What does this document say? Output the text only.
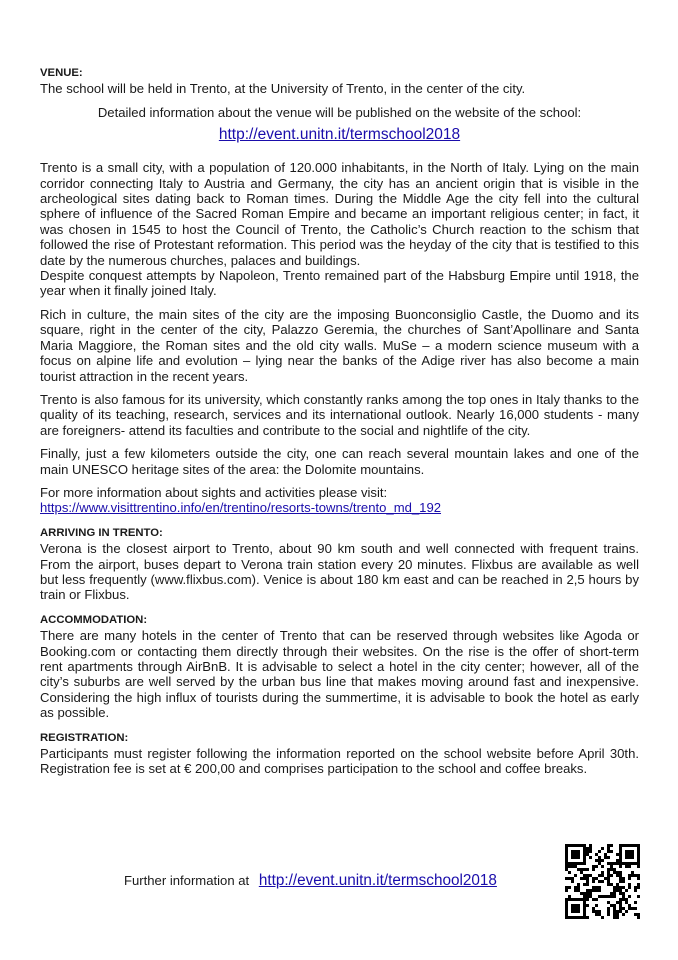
VENUE:

The school will be held in Trento, at the University of Trento, in the center of the city.

Detailed information about the venue will be published on the website of the school:

http://event.unitn.it/termschool2018

Trento is a small city, with a population of 120.000 inhabitants, in the North of Italy. Lying on the main corridor connecting Italy to Austria and Germany, the city has an ancient origin that is visible in the archeological sites dating back to Roman times. During the Middle Age the city fell into the cultural sphere of influence of the Sacred Roman Empire and became an important religious center; in fact, it was chosen in 1545 to host the Council of Trento, the Catholic’s Church reaction to the schism that followed the rise of Protestant reformation. This period was the heyday of the city that is testified to this date by the numerous churches, palaces and buildings.

Despite conquest attempts by Napoleon, Trento remained part of the Habsburg Empire until 1918, the year when it finally joined Italy.

Rich in culture, the main sites of the city are the imposing Buonconsiglio Castle, the Duomo and its square, right in the center of the city, Palazzo Geremia, the churches of Sant’Apollinare and Santa Maria Maggiore, the Roman sites and the old city walls. MuSe – a modern science museum with a focus on alpine life and evolution – lying near the banks of the Adige river has also become a main tourist attraction in the recent years.

Trento is also famous for its university, which constantly ranks among the top ones in Italy thanks to the quality of its teaching, research, services and its international outlook. Nearly 16,000 students - many are foreigners- attend its faculties and contribute to the social and nightlife of the city.

Finally, just a few kilometers outside the city, one can reach several mountain lakes and one of the main UNESCO heritage sites of the area: the Dolomite mountains.

For more information about sights and activities please visit:

https://www.visittrentino.info/en/trentino/resorts-towns/trento_md_192

ARRIVING IN TRENTO:

Verona is the closest airport to Trento, about 90 km south and well connected with frequent trains. From the airport, buses depart to Verona train station every 20 minutes. Flixbus are available as well but less frequently (www.flixbus.com). Venice is about 180 km east and can be reached in 2,5 hours by train or Flixbus.

ACCOMMODATION:

There are many hotels in the center of Trento that can be reserved through websites like Agoda or Booking.com or contacting them directly through their websites. On the rise is the offer of short-term rent apartments through AirBnB. It is advisable to select a hotel in the city center; however, all of the city’s suburbs are well served by the urban bus line that makes moving around fast and inexpensive. Considering the high influx of tourists during the summertime, it is advisable to book the hotel as early as possible.

REGISTRATION:

Participants must register following the information reported on the school website before April 30th. Registration fee is set at € 200,00 and comprises participation to the school and coffee breaks.

Further information at http://event.unitn.it/termschool2018
